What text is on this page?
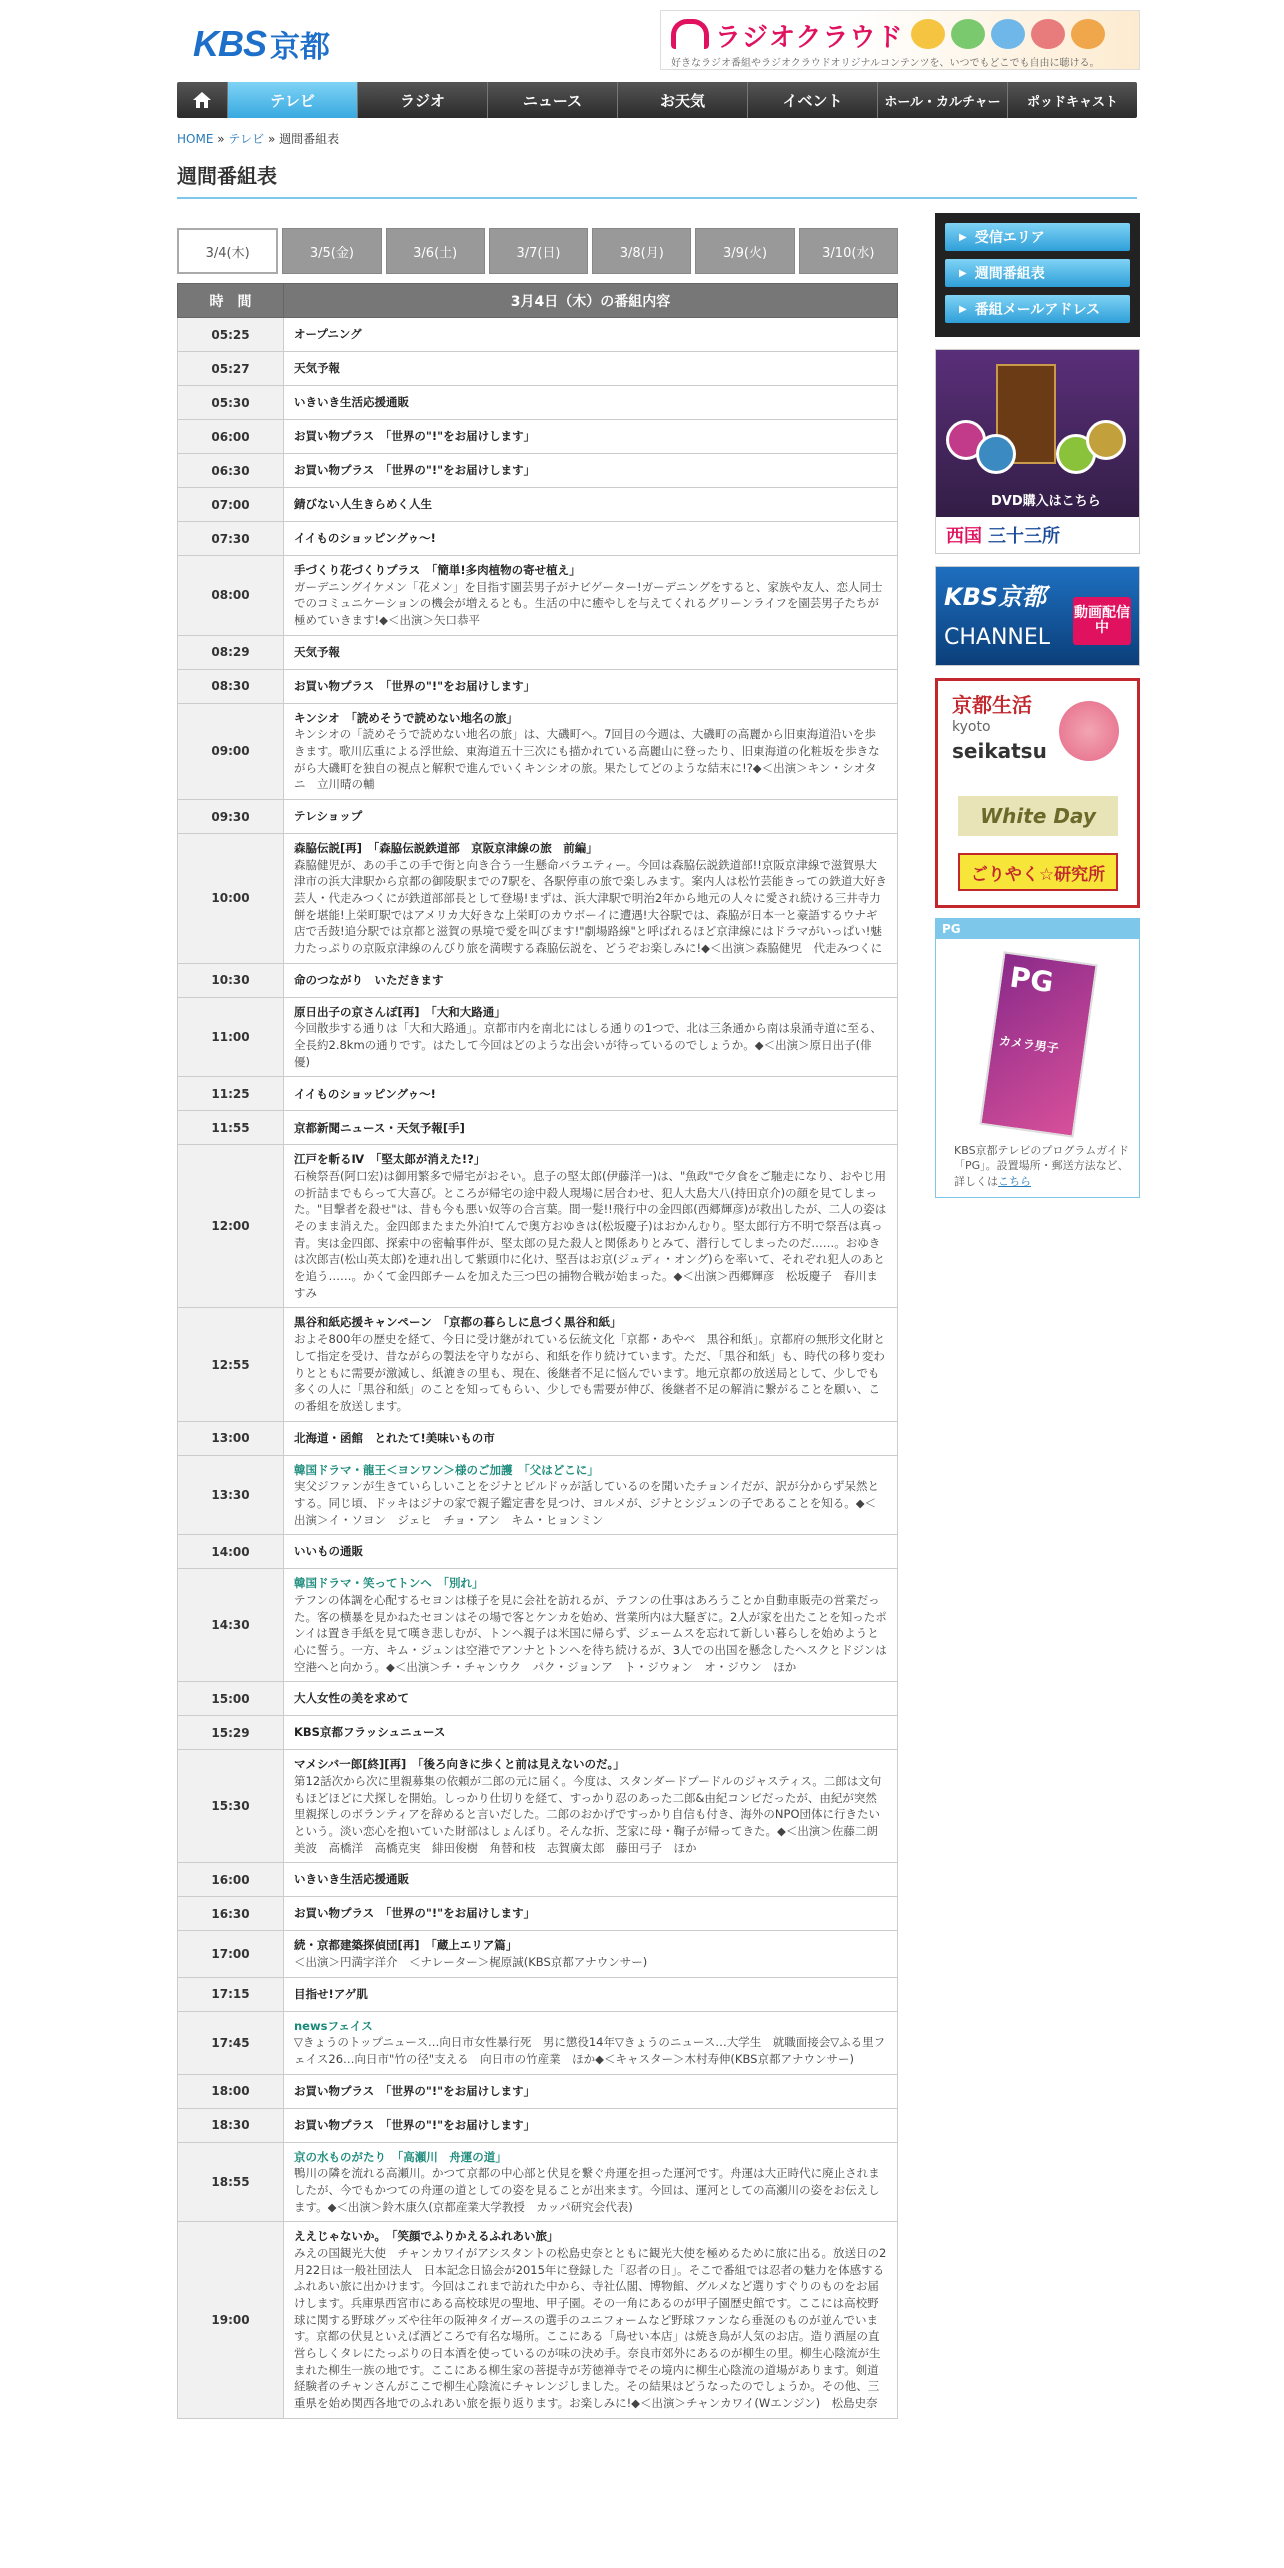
KBS 京都	ラジオクラウド
好きなラジオ番組やラジオクラウドオリジナルコンテンツを、いつでもどこでも自由に聴ける。
テレビ	ラジオ	ニュース	お天気	イベント	ホール・カルチャー	ポッドキャスト
HOME » テレビ » 週間番組表
週間番組表
3/4(木)	3/5(金)	3/6(土)	3/7(日)	3/8(月)	3/9(火)	3/10(水)
時　間	3月4日（木）の番組内容
05:25	オープニング

05:27	天気予報

05:30	いきいき生活応援通販

06:00	お買い物プラス　「世界の"!"をお届けします」

06:30	お買い物プラス　「世界の"!"をお届けします」

07:00	錆びない人生きらめく人生

07:30	イイものショッピングゥ～!

08:00	手づくり花づくりプラス　「簡単!多肉植物の寄せ植え」
ガーデニングイケメン「花メン」を目指す園芸男子がナビゲーター!ガーデニングをすると、家族や友人、恋人同士でのコミュニケーションの機会が増えるとも。生活の中に癒やしを与えてくれるグリーンライフを園芸男子たちが極めていきます!◆＜出演＞矢口恭平

08:29	天気予報

08:30	お買い物プラス　「世界の"!"をお届けします」

09:00	キンシオ　「読めそうで読めない地名の旅」
キンシオの「読めそうで読めない地名の旅」は、大磯町へ。7回目の今週は、大磯町の高麗から旧東海道沿いを歩きます。歌川広重による浮世絵、東海道五十三次にも描かれている高麗山に登ったり、旧東海道の化粧坂を歩きながら大磯町を独自の視点と解釈で進んでいくキンシオの旅。果たしてどのような結末に!?◆＜出演＞キン・シオタニ　立川晴の輔

09:30	テレショップ

10:00	森脇伝説[再]　「森脇伝説鉄道部　京阪京津線の旅　前編」
森脇健児が、あの手この手で街と向き合う一生懸命バラエティー。今回は森脇伝説鉄道部!!京阪京津線で滋賀県大津市の浜大津駅から京都の御陵駅までの7駅を、各駅停車の旅で楽しみます。案内人は松竹芸能きっての鉄道大好き芸人・代走みつくにが鉄道部部長として登場!まずは、浜大津駅で明治2年から地元の人々に愛され続ける三井寺力餅を堪能!上栄町駅ではアメリカ大好きな上栄町のカウボーイに遭遇!大谷駅では、森脇が日本一と豪語するウナギ店で舌鼓!追分駅では京都と滋賀の県境で愛を叫びます!"劇場路線"と呼ばれるほど京津線にはドラマがいっぱい!魅力たっぷりの京阪京津線のんびり旅を満喫する森脇伝説を、どうぞお楽しみに!◆＜出演＞森脇健児　代走みつくに

10:30	命のつながり　いただきます

11:00	原日出子の京さんぽ[再]　「大和大路通」
今回散歩する通りは「大和大路通」。京都市内を南北にはしる通りの1つで、北は三条通から南は泉涌寺道に至る、全長約2.8kmの通りです。はたして今回はどのような出会いが待っているのでしょうか。◆＜出演＞原日出子(俳優)

11:25	イイものショッピングゥ～!

11:55	京都新聞ニュース・天気予報[手]

12:00	江戸を斬るⅣ　「堅太郎が消えた!?」
石検祭吾(阿口宏)は御用繁多で帰宅がおそい。息子の堅太郎(伊藤洋一)は、"魚政"で夕食をご馳走になり、おやじ用の折詰までもらって大喜び。ところが帰宅の途中殺人現場に居合わせ、犯人大島大八(持田京介)の顔を見てしまった。"目撃者を殺せ"は、昔も今も悪い奴等の合言葉。間一髪!!飛行中の金四郎(西郷輝彦)が救出したが、二人の姿はそのまま消えた。金四郎またまた外泊!てんで奥方おゆきは(松坂慶子)はおかんむり。堅太郎行方不明で祭吾は真っ青。実は金四郎、探索中の密輸事件が、堅太郎の見た殺人と関係ありとみて、潜行してしまったのだ……。おゆきは次郎吉(松山英太郎)を連れ出して紫頭巾に化け、堅吾はお京(ジュディ・オング)らを率いて、それぞれ犯人のあとを追う……。かくて金四郎チームを加えた三つ巴の捕物合戦が始まった。◆＜出演＞西郷輝彦　松坂慶子　春川ますみ

12:55	黒谷和紙応援キャンペーン　「京都の暮らしに息づく黒谷和紙」
およそ800年の歴史を経て、今日に受け継がれている伝統文化「京都・あやべ　黒谷和紙」。京都府の無形文化財として指定を受け、昔ながらの製法を守りながら、和紙を作り続けています。ただ、「黒谷和紙」も、時代の移り変わりとともに需要が激減し、紙漉きの里も、現在、後継者不足に悩んでいます。地元京都の放送局として、少しでも多くの人に「黒谷和紙」のことを知ってもらい、少しでも需要が伸び、後継者不足の解消に繋がることを願い、この番組を放送します。

13:00	北海道・函館　とれたて!美味いもの市

13:30	韓国ドラマ・龍王＜ヨンワン＞様のご加護　「父はどこに」
実父ジファンが生きていらしいことをジナとピルドゥが話しているのを聞いたチョンイだが、訳が分からず呆然とする。同じ頃、ドッキはジナの家で親子鑑定書を見つけ、ヨルメが、ジナとシジュンの子であることを知る。◆＜出演＞イ・ソヨン　ジェヒ　チョ・アン　キム・ヒョンミン

14:00	いいもの通販

14:30	韓国ドラマ・笑ってトンヘ　「別れ」
テフンの体調を心配するセヨンは様子を見に会社を訪れるが、テフンの仕事はあろうことか自動車販売の営業だった。客の横暴を見かねたセヨンはその場で客とケンカを始め、営業所内は大騒ぎに。2人が家を出たことを知ったポンイは置き手紙を見て嘆き悲しむが、トンヘ親子は米国に帰らず、ジェームスを忘れて新しい暮らしを始めようと心に誓う。一方、キム・ジュンは空港でアンナとトンヘを待ち続けるが、3人での出国を懸念したヘスクとドジンは空港へと向かう。◆＜出演＞チ・チャンウク　パク・ジョンア　ト・ジウォン　オ・ジウン　ほか

15:00	大人女性の美を求めて

15:29	KBS京都フラッシュニュース

15:30	マメシバ一郎[終][再]　「後ろ向きに歩くと前は見えないのだ。」
第12話次から次に里親募集の依頼が二郎の元に届く。今度は、スタンダードプードルのジャスティス。二郎は文句もほどほどに犬探しを開始。しっかり仕切りを経て、すっかり忍のあった二郎&由紀コンビだったが、由紀が突然里親探しのボランティアを辞めると言いだした。二郎のおかげですっかり自信も付き、海外のNPO団体に行きたいという。淡い恋心を抱いていた財部はしょんぼり。そんな折、芝家に母・鞠子が帰ってきた。◆＜出演＞佐藤二朗　美波　高橋洋　高橋克実　緋田俊樹　角替和枝　志賀廣太郎　藤田弓子　ほか

16:00	いきいき生活応援通販

16:30	お買い物プラス　「世界の"!"をお届けします」

17:00	続・京都建築探偵団[再]　「蔵上エリア篇」
＜出演＞円満字洋介　＜ナレーター＞梶原誠(KBS京都アナウンサー)

17:15	目指せ!アゲ肌

17:45	newsフェイス
▽きょうのトップニュース…向日市女性暴行死　男に懲役14年▽きょうのニュース…大学生　就職面接会▽ふる里フェイス26…向日市"竹の径"支える　向日市の竹産業　ほか◆＜キャスター＞木村寿伸(KBS京都アナウンサー)

18:00	お買い物プラス　「世界の"!"をお届けします」

18:30	お買い物プラス　「世界の"!"をお届けします」

18:55	京の水ものがたり　「高瀬川　舟運の道」
鴨川の隣を流れる高瀬川。かつて京都の中心部と伏見を繋ぐ舟運を担った運河です。舟運は大正時代に廃止されましたが、今でもかつての舟運の道としての姿を見ることが出来ます。今回は、運河としての高瀬川の姿をお伝えします。◆＜出演＞鈴木康久(京都産業大学教授　カッパ研究会代表)

19:00	ええじゃないか。　「笑顔でふりかえるふれあい旅」
みえの国観光大使　チャンカワイがアシスタントの松島史奈とともに観光大使を極めるために旅に出る。放送日の2月22日は一般社団法人　日本記念日協会が2015年に登録した「忍者の日」。そこで番組では忍者の魅力を体感するふれあい旅に出かけます。今回はこれまで訪れた中から、寺社仏閣、博物館、グルメなど選りすぐりのものをお届けします。兵庫県西宮市にある高校球児の聖地、甲子園。その一角にあるのが甲子園歴史館です。ここには高校野球に関する野球グッズや往年の阪神タイガースの選手のユニフォームなど野球ファンなら垂涎のものが並んでいます。京都の伏見といえば酒どころで有名な場所。ここにある「鳥せい本店」は焼き鳥が人気のお店。造り酒屋の直営らしくタレにたっぷりの日本酒を使っているのが味の決め手。奈良市郊外にあるのが柳生の里。柳生心陰流が生まれた柳生一族の地です。ここにある柳生家の菩提寺が芳徳禅寺でその境内に柳生心陰流の道場があります。剣道経験者のチャンさんがここで柳生心陰流にチャレンジしました。その結果はどうなったのでしょうか。その他、三重県を始め関西各地でのふれあい旅を振り返ります。お楽しみに!◆＜出演＞チャンカワイ(Wエンジン)　松島史奈
▶ 受信エリア
▶ 週間番組表
▶ 番組メールアドレス
DVD購入はこちら
西国 三十三所
KBS京都
CHANNEL
動画配信中
京都生活
kyoto
seikatsu
White Day
ごりやく☆研究所
PG
PG
カメラ男子
KBS京都テレビのプログラムガイド「PG」。設置場所・郵送方法など、詳しくはこちら
